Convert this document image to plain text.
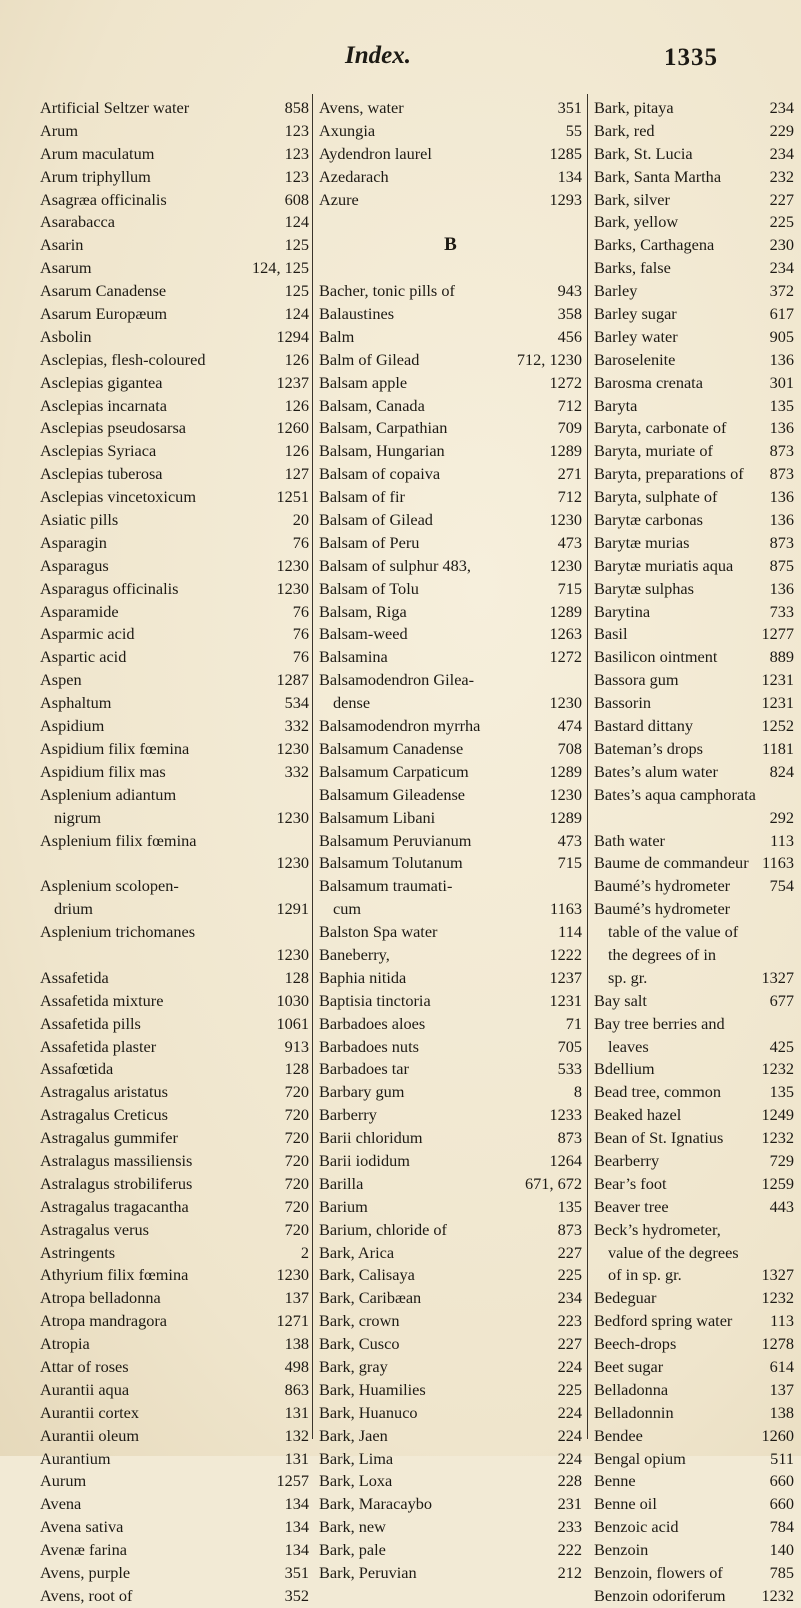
Index.	1335
Artificial Seltzer water	858
Arum	123
Arum maculatum	123
Arum triphyllum	123
Asagræa officinalis	608
Asarabacca	124
Asarin	125
Asarum	124, 125
Asarum Canadense	125
Asarum Europæum	124
Asbolin	1294
Asclepias, flesh-coloured	126
Asclepias gigantea	1237
Asclepias incarnata	126
Asclepias pseudosarsa	1260
Asclepias Syriaca	126
Asclepias tuberosa	127
Asclepias vincetoxicum	1251
Asiatic pills	20
Asparagin	76
Asparagus	1230
Asparagus officinalis	1230
Asparamide	76
Asparmic acid	76
Aspartic acid	76
Aspen	1287
Asphaltum	534
Aspidium	332
Aspidium filix fœmina	1230
Aspidium filix mas	332
Asplenium adiantum
nigrum	1230
Asplenium filix fœmina
1230
Asplenium scolopen-
drium	1291
Asplenium trichomanes
1230
Assafetida	128
Assafetida mixture	1030
Assafetida pills	1061
Assafetida plaster	913
Assafœtida	128
Astragalus aristatus	720
Astragalus Creticus	720
Astragalus gummifer	720
Astralagus massiliensis	720
Astralagus strobiliferus	720
Astragalus tragacantha	720
Astragalus verus	720
Astringents	2
Athyrium filix fœmina	1230
Atropa belladonna	137
Atropa mandragora	1271
Atropia	138
Attar of roses	498
Aurantii aqua	863
Aurantii cortex	131
Aurantii oleum	132
Aurantium	131
Aurum	1257
Avena	134
Avena sativa	134
Avenæ farina	134
Avens, purple	351
Avens, root of	352
Avens, water	351
Axungia	55
Aydendron laurel	1285
Azedarach	134
Azure	1293
B
Bacher, tonic pills of	943
Balaustines	358
Balm	456
Balm of Gilead	712, 1230
Balsam apple	1272
Balsam, Canada	712
Balsam, Carpathian	709
Balsam, Hungarian	1289
Balsam of copaiva	271
Balsam of fir	712
Balsam of Gilead	1230
Balsam of Peru	473
Balsam of sulphur 483,	1230
Balsam of Tolu	715
Balsam, Riga	1289
Balsam-weed	1263
Balsamina	1272
Balsamodendron Gilea-
dense	1230
Balsamodendron myrrha	474
Balsamum Canadense	708
Balsamum Carpaticum	1289
Balsamum Gileadense	1230
Balsamum Libani	1289
Balsamum Peruvianum	473
Balsamum Tolutanum	715
Balsamum traumati-
cum	1163
Balston Spa water	114
Baneberry,	1222
Baphia nitida	1237
Baptisia tinctoria	1231
Barbadoes aloes	71
Barbadoes nuts	705
Barbadoes tar	533
Barbary gum	8
Barberry	1233
Barii chloridum	873
Barii iodidum	1264
Barilla	671, 672
Barium	135
Barium, chloride of	873
Bark, Arica	227
Bark, Calisaya	225
Bark, Caribæan	234
Bark, crown	223
Bark, Cusco	227
Bark, gray	224
Bark, Huamilies	225
Bark, Huanuco	224
Bark, Jaen	224
Bark, Lima	224
Bark, Loxa	228
Bark, Maracaybo	231
Bark, new	233
Bark, pale	222
Bark, Peruvian	212
Bark, pitaya	234
Bark, red	229
Bark, St. Lucia	234
Bark, Santa Martha	232
Bark, silver	227
Bark, yellow	225
Barks, Carthagena	230
Barks, false	234
Barley	372
Barley sugar	617
Barley water	905
Baroselenite	136
Barosma crenata	301
Baryta	135
Baryta, carbonate of	136
Baryta, muriate of	873
Baryta, preparations of 873
Baryta, sulphate of	136
Barytæ carbonas	136
Barytæ murias	873
Barytæ muriatis aqua 875
Barytæ sulphas	136
Barytina	733
Basil	1277
Basilicon ointment	889
Bassora gum	1231
Bassorin	1231
Bastard dittany	1252
Bateman’s drops	1181
Bates’s alum water	824
Bates’s aqua camphorata
292
Bath water	113
Baume de commandeur 1163
Baumé’s hydrometer 754
Baumé’s hydrometer
table of the value of
the degrees of in
sp. gr.	1327
Bay salt	677
Bay tree berries and
leaves	425
Bdellium	1232
Bead tree, common	135
Beaked hazel	1249
Bean of St. Ignatius 1232
Bearberry	729
Bear’s foot	1259
Beaver tree	443
Beck’s hydrometer,
value of the degrees
of in sp. gr.	1327
Bedeguar	1232
Bedford spring water 113
Beech-drops	1278
Beet sugar	614
Belladonna	137
Belladonnin	138
Bendee	1260
Bengal opium	511
Benne	660
Benne oil	660
Benzoic acid	784
Benzoin	140
Benzoin, flowers of	785
Benzoin odoriferum 1232
